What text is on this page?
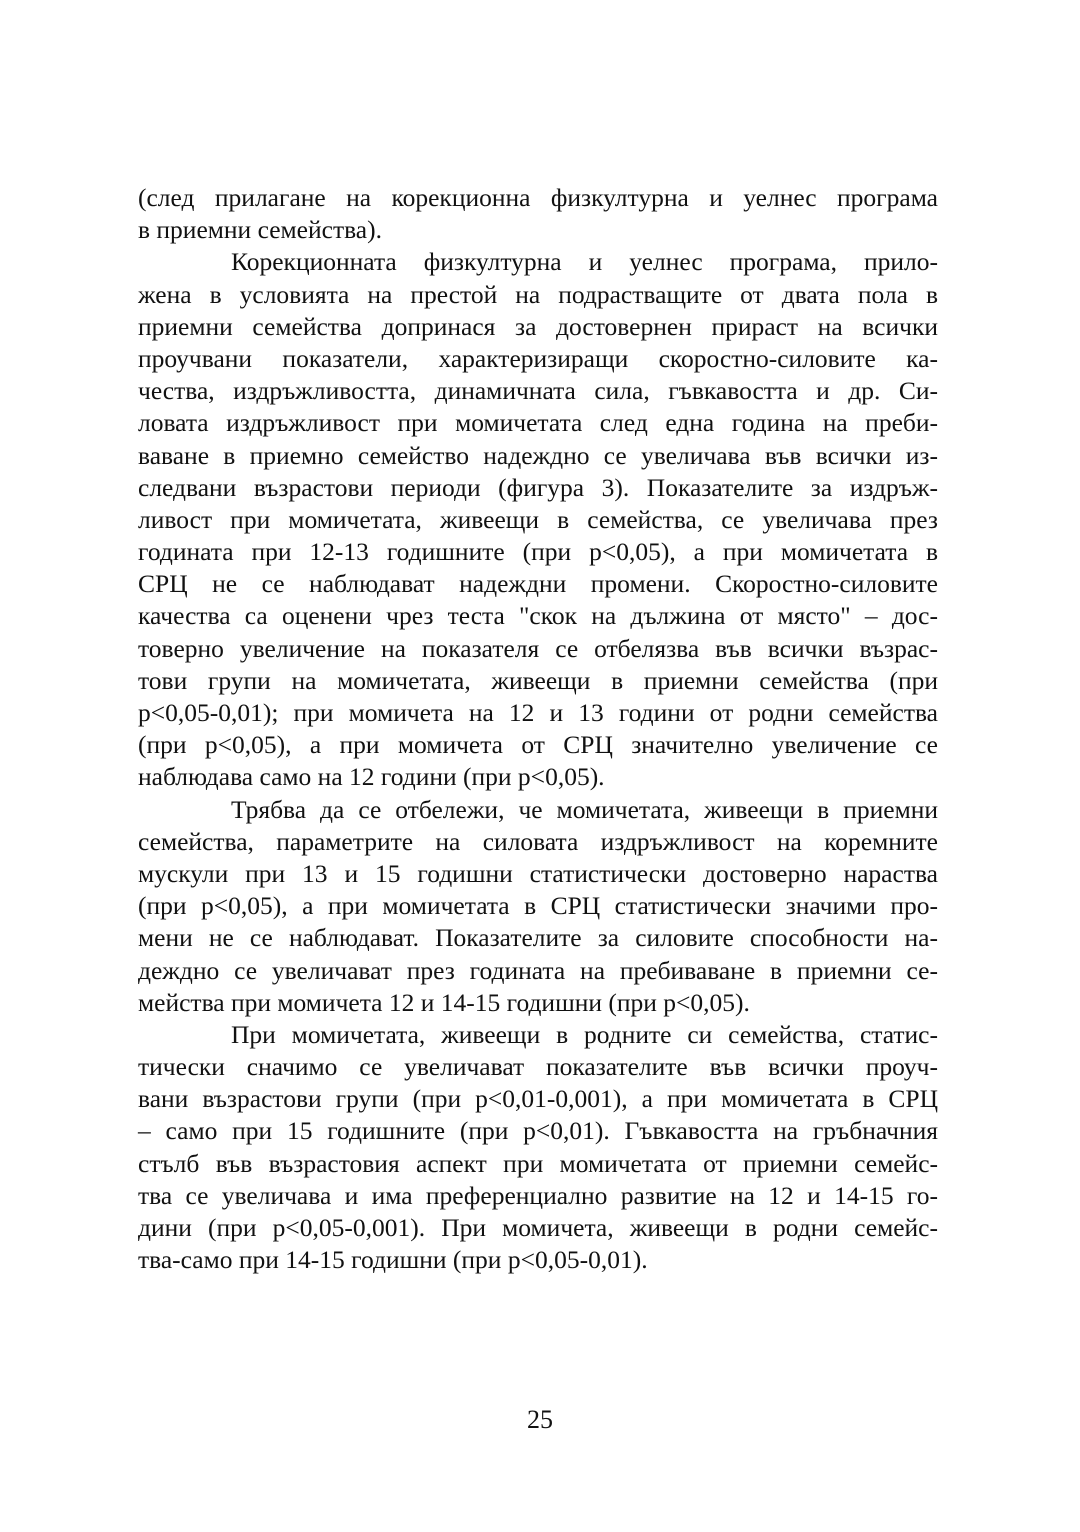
(след прилагане на корекционна физкултурна и уелнес програма
в приемни семейства).
Корекционната физкултурна и уелнес програма, прило-
жена в условията на престой на подрастващите от двата пола в
приемни семейства допринася за достовернен прираст на всички
проучвани показатели, характеризиращи скоростно-силовите ка-
чества, издръжливостта, динамичната сила, гъвкавостта и др. Си-
ловата издръжливост при момичетата след една година на преби-
ваване в приемно семейство надеждно се увеличава във всички из-
следвани възрастови периоди (фигура 3). Показателите за издръж-
ливост при момичетата, живеещи в семейства, се увеличава през
годината при 12-13 годишните (при p<0,05), а при момичетата в
СРЦ не се наблюдават надеждни промени. Скоростно-силовите
качества са оценени чрез теста "скок на дължина от място" – дос-
товерно увеличение на показателя се отбелязва във всички възрас-
тови групи на момичетата, живеещи в приемни семейства (при
p<0,05-0,01); при момичета на 12 и 13 години от родни семейства
(при p<0,05), а при момичета от СРЦ значително увеличение се
наблюдава само на 12 години (при p<0,05).
Трябва да се отбележи, че момичетата, живеещи в приемни
семейства, параметрите на силовата издръжливост на коремните
мускули при 13 и 15 годишни статистически достоверно нараства
(при p<0,05), а при момичетата в СРЦ статистически значими про-
мени не се наблюдават. Показателите за силовите способности на-
деждно се увеличават през годината на пребиваване в приемни се-
мейства при момичета 12 и 14-15 годишни (при p<0,05).
При момичетата, живеещи в родните си семейства, статис-
тически сначимо се увеличават показателите във всички проуч-
вани възрастови групи (при p<0,01-0,001), а при момичетата в СРЦ
– само при 15 годишните (при p<0,01). Гъвкавостта на гръбначния
стълб във възрастовия аспект при момичетата от приемни семейс-
тва се увеличава и има преференциално развитие на 12 и 14-15 го-
дини (при p<0,05-0,001). При момичета, живеещи в родни семейс-
тва-само при 14-15 годишни (при p<0,05-0,01).
25
